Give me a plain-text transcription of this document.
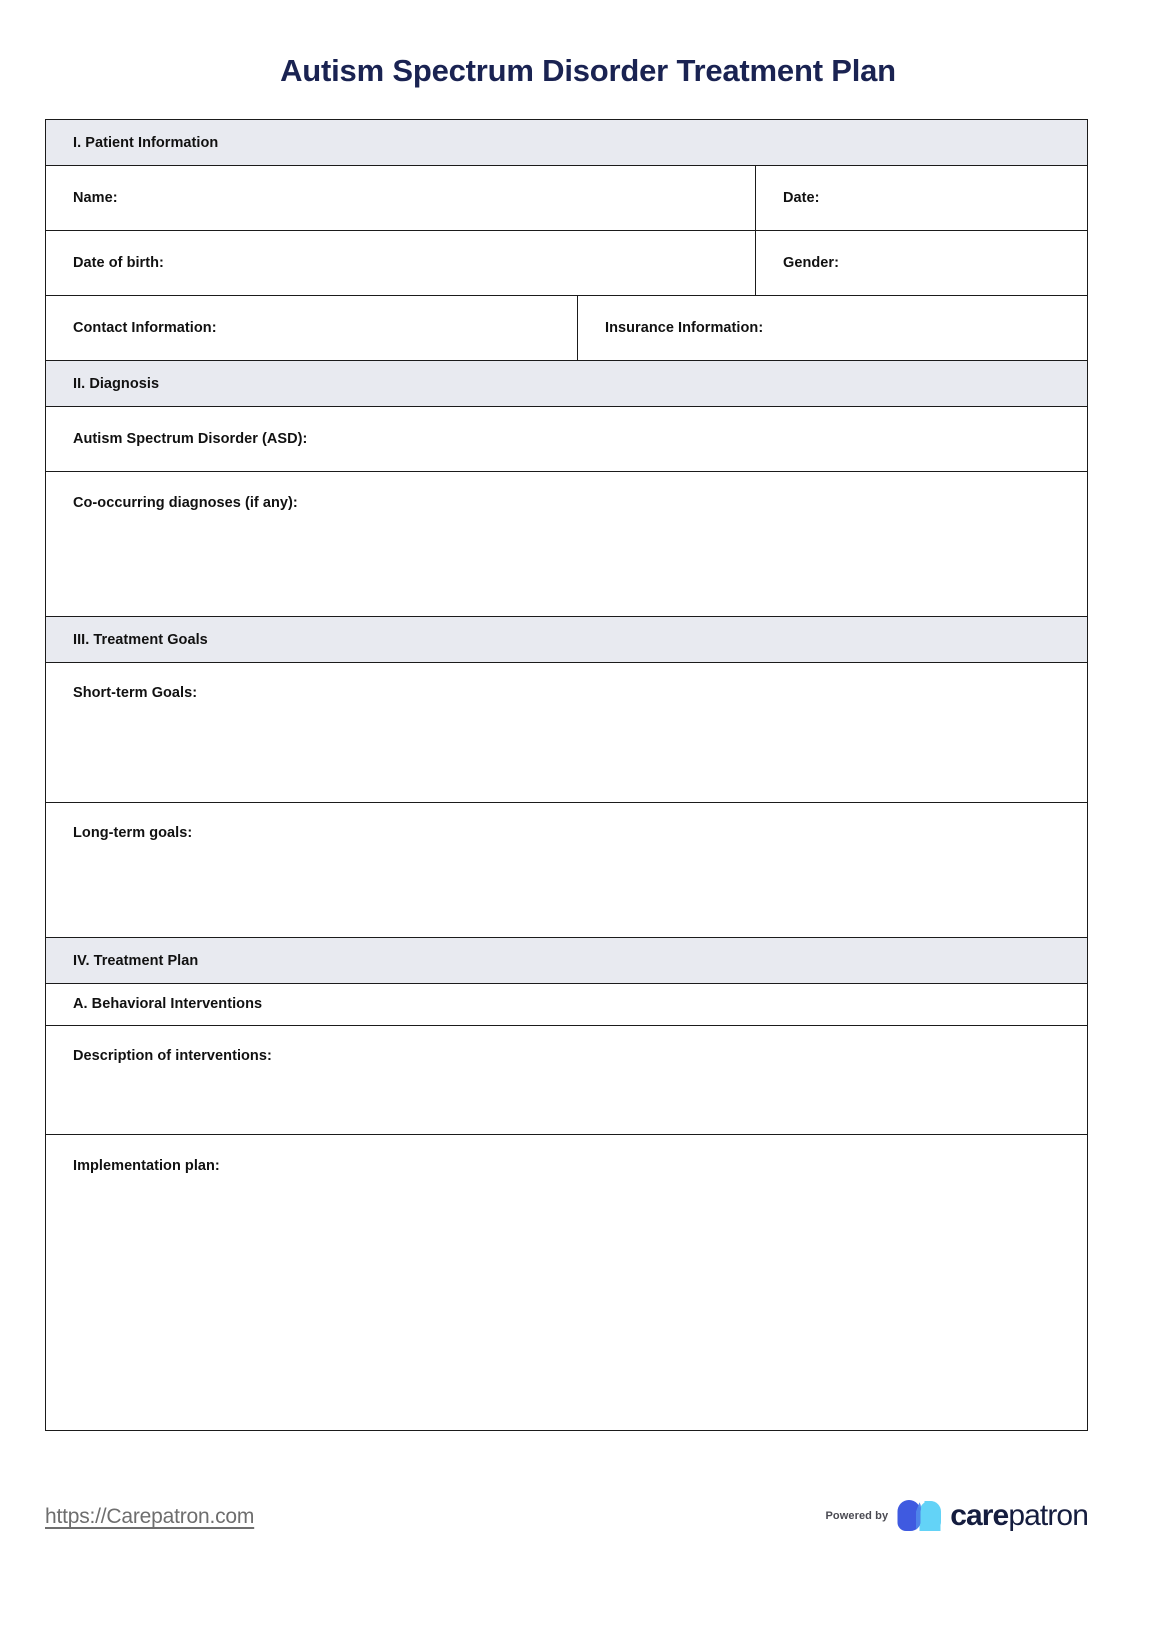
Autism Spectrum Disorder Treatment Plan
I. Patient Information		

Name:		Date:

Date of birth:		Gender:

Contact Information:	Insurance Information:	

II. Diagnosis		

Autism Spectrum Disorder (ASD):		

Co-occurring diagnoses (if any):		

III. Treatment Goals		

Short-term Goals:		

Long-term goals:		

IV. Treatment Plan		

A. Behavioral Interventions		

Description of interventions:		

Implementation plan:		
https://Carepatron.com	Powered by carepatron
